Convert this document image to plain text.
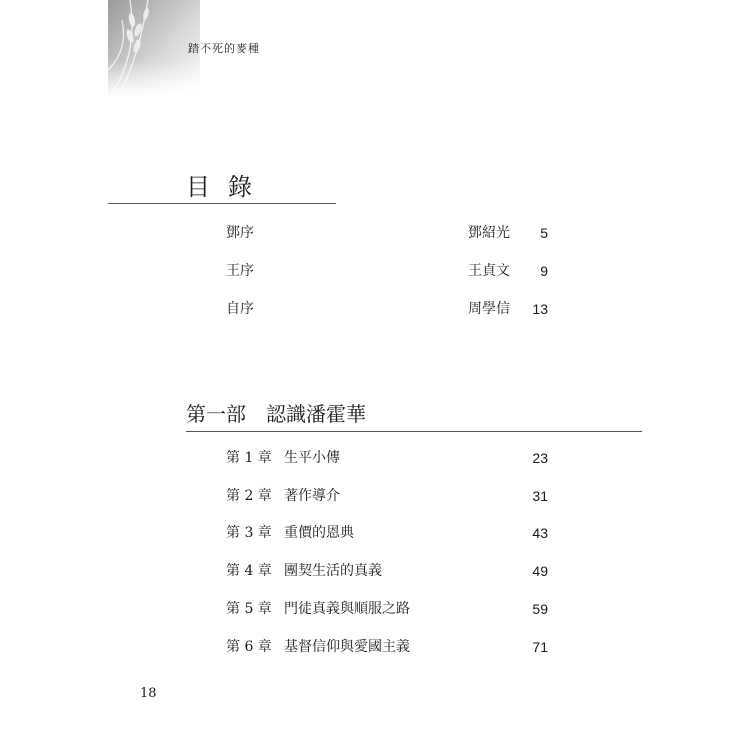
踏不死的麥種
目錄
鄧序	鄧紹光 5
王序	王貞文 9
自序	周學信 13
第一部 認識潘霍華
第 1 章 生平小傳	23
第 2 章 著作導介	31
第 3 章 重價的恩典	43
第 4 章 團契生活的真義	49
第 5 章 門徒真義與順服之路	59
第 6 章 基督信仰與愛國主義	71
18
